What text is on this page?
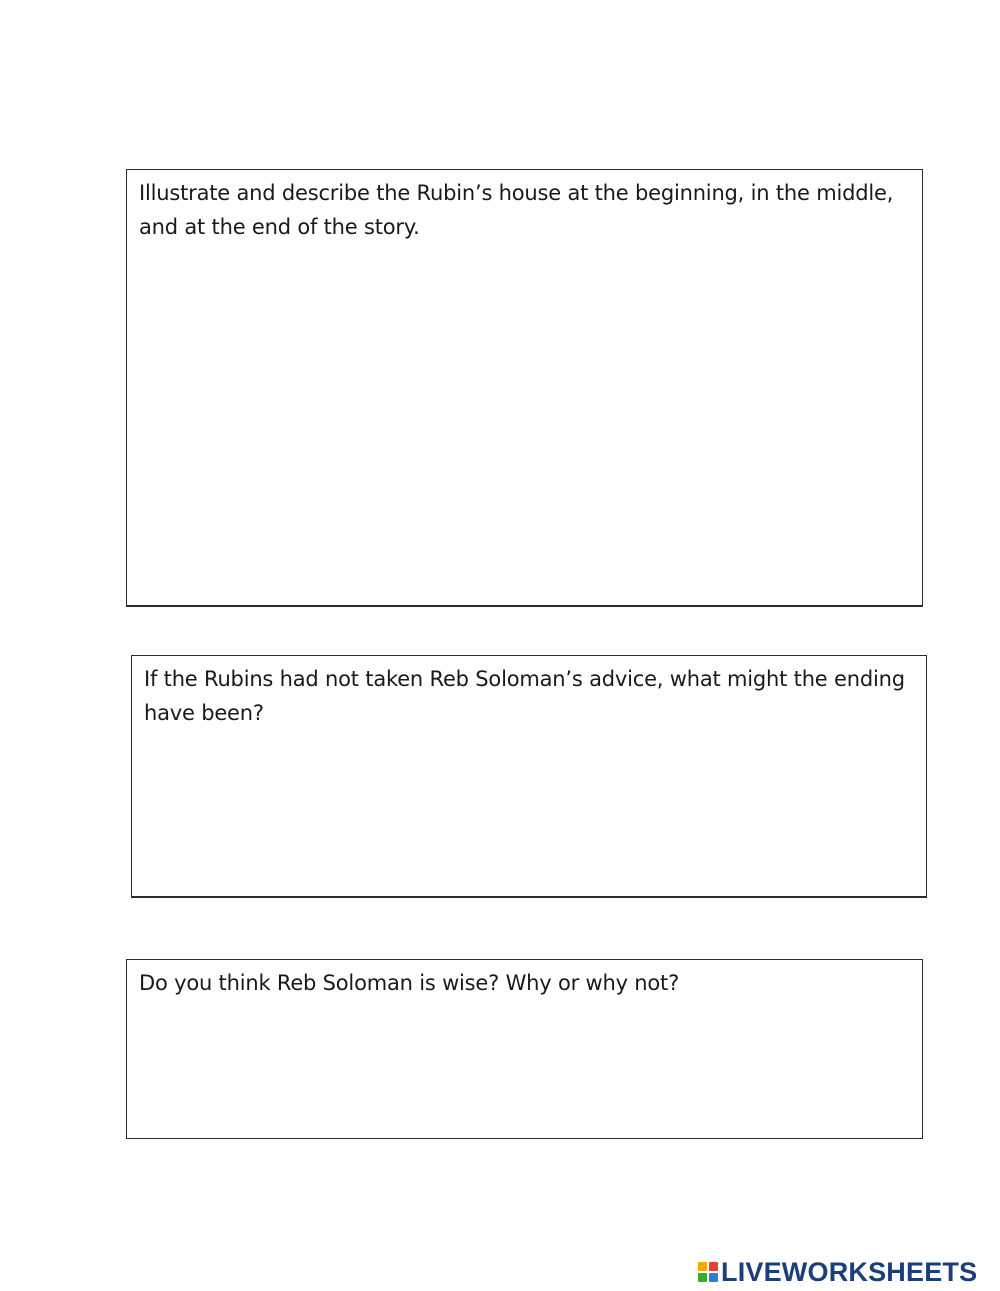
Illustrate and describe the Rubin’s house at the beginning, in the middle, and at the end of the story.

If the Rubins had not taken Reb Soloman’s advice, what might the ending have been?

Do you think Reb Soloman is wise? Why or why not?

LIVEWORKSHEETS
